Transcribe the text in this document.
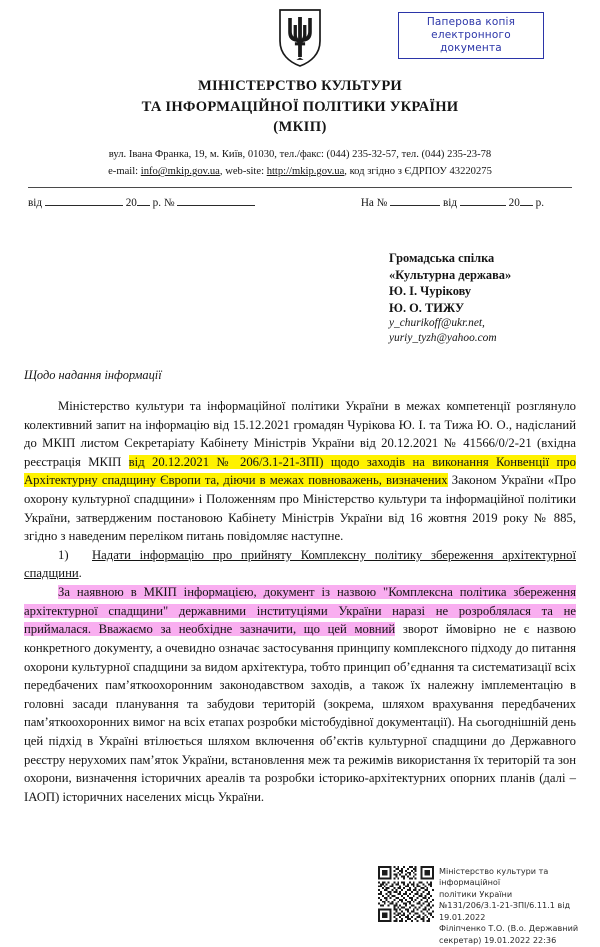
Паперова копія
електронного
документа
МІНІСТЕРСТВО КУЛЬТУРИ
ТА ІНФОРМАЦІЙНОЇ ПОЛІТИКИ УКРАЇНИ
(МКІП)
вул. Івана Франка, 19, м. Київ, 01030, тел./факс: (044) 235-32-57, тел. (044) 235-23-78
e-mail: info@mkip.gov.ua, web-site: http://mkip.gov.ua, код згідно з ЄДРПОУ 43220275
від	20 р. №	На №	від	20 р.
Громадська спілка
«Культурна держава»
Ю. І. Чурікову
Ю. О. ТИЖУ
y_churikoff@ukr.net,
yuriy_tyzh@yahoo.com
Щодо надання інформації

Міністерство культури та інформаційної політики України в межах компетенції розглянуло колективний запит на інформацію від 15.12.2021 громадян Чурікова Ю. І. та Тижа Ю. О., надісланий до МКІП листом Секретаріату Кабінету Міністрів України від 20.12.2021 № 41566/0/2-21 (вхідна реєстрація МКІП від 20.12.2021 № 206/3.1-21-ЗПІ) щодо заходів на виконання Конвенції про Архітектурну спадщину Європи та, діючи в межах повноважень, визначених Законом України «Про охорону культурної спадщини» і Положенням про Міністерство культури та інформаційної політики України, затвердженим постановою Кабінету Міністрів України від 16 жовтня 2019 року № 885, згідно з наведеним переліком питань повідомляє наступне.

1) Надати інформацію про прийняту Комплексну політику збереження архітектурної спадщини.

За наявною в МКІП інформацією, документ із назвою "Комплексна політика збереження архітектурної спадщини" державними інституціями України наразі не розроблялася та не приймалася. Вважаємо за необхідне зазначити, що цей мовний зворот ймовірно не є назвою конкретного документу, а очевидно означає застосування принципу комплексного підходу до питання охорони культурної спадщини за видом архітектура, тобто принцип об’єднання та систематизації всіх передбачених пам’яткоохоронним законодавством заходів, а також їх належну імплементацію в головні засади планування та забудови територій (зокрема, шляхом врахування передбачених пам’яткоохоронних вимог на всіх етапах розробки містобудівної документації). На сьогоднішній день цей підхід в Україні втілюється шляхом включення об’єктів культурної спадщини до Державного реєстру нерухомих пам’яток України, встановлення меж та режимів використання їх територій та зон охорони, визначення історичних ареалів та розробки історико-архітектурних опорних планів (далі – ІАОП) історичних населених місць України.

Міністерство культури та інформаційної
політики України
№131/206/3.1-21-ЗПІ/6.11.1 від
19.01.2022
Філіпченко Т.О. (В.о. Державний
секретар) 19.01.2022 22:36
